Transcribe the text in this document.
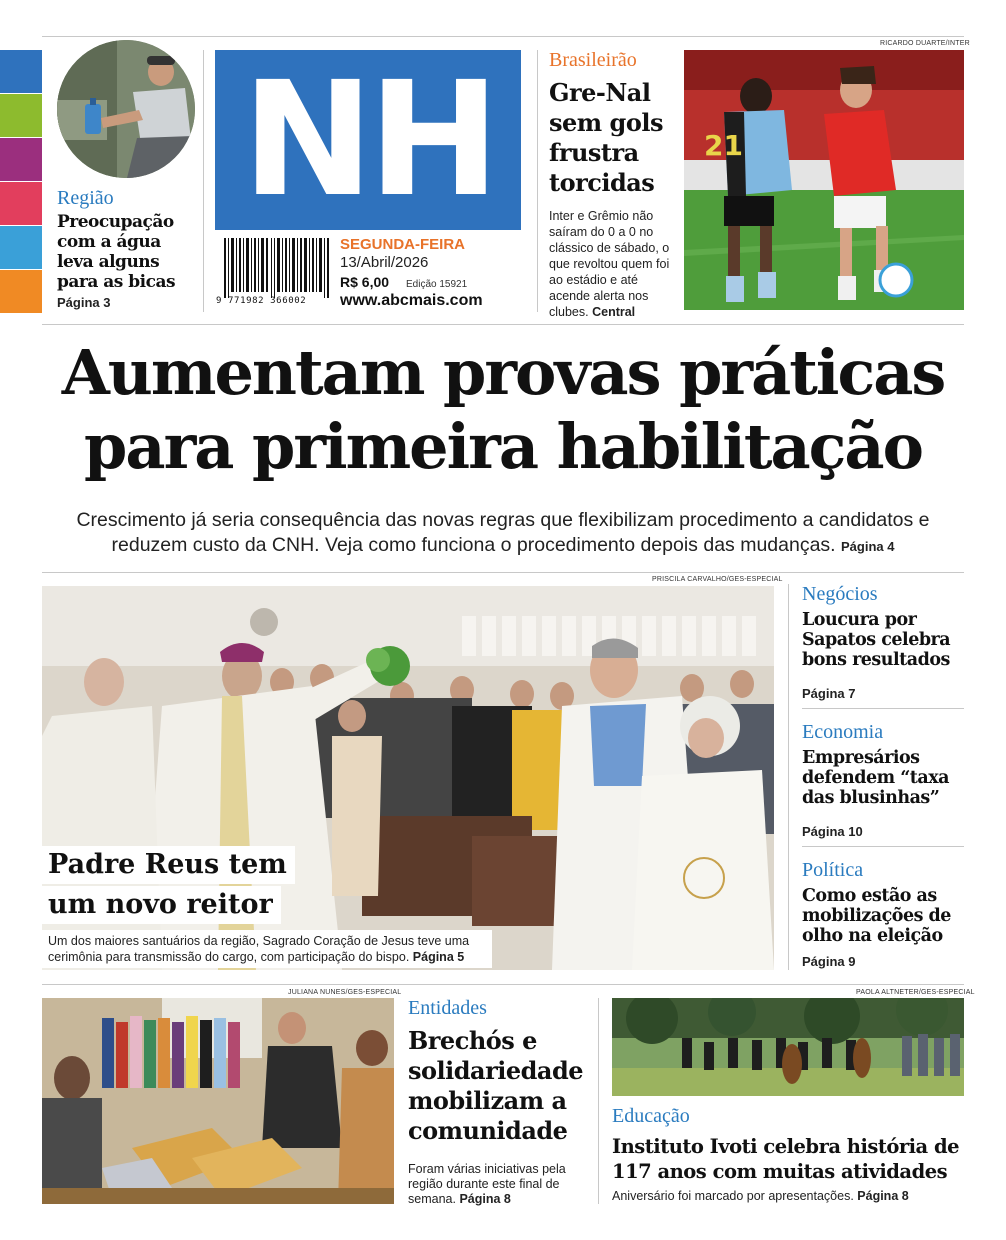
Região
Preocupação com a água leva alguns para as bicas
Página 3
NH
9 771982 366002
SEGUNDA-FEIRA
13/Abril/2026
R$ 6,00	Edição 15921
www.abcmais.com
Brasileirão
Gre-Nal sem gols frustra torcidas
Inter e Grêmio não saíram do 0 a 0 no clássico de sábado, o que revoltou quem foi ao estádio e até acende alerta nos clubes. Central
RICARDO DUARTE/INTER
21
Aumentam provas práticas
para primeira habilitação
Crescimento já seria consequência das novas regras que flexibilizam procedimento a candidatos e reduzem custo da CNH. Veja como funciona o procedimento depois das mudanças. Página 4
PRISCILA CARVALHO/GES-ESPECIAL
Padre Reus tem
um novo reitor
Um dos maiores santuários da região, Sagrado Coração de Jesus teve uma cerimônia para transmissão do cargo, com participação do bispo. Página 5
Negócios
Loucura por Sapatos celebra bons resultados
Página 7
Economia
Empresários defendem “taxa das blusinhas”
Página 10
Política
Como estão as mobilizações de olho na eleição
Página 9
JULIANA NUNES/GES-ESPECIAL
Entidades
Brechós e solidariedade mobilizam a comunidade
Foram várias iniciativas pela região durante este final de semana. Página 8
PAOLA ALTNETER/GES-ESPECIAL
Educação
Instituto Ivoti celebra história de 117 anos com muitas atividades
Aniversário foi marcado por apresentações. Página 8
